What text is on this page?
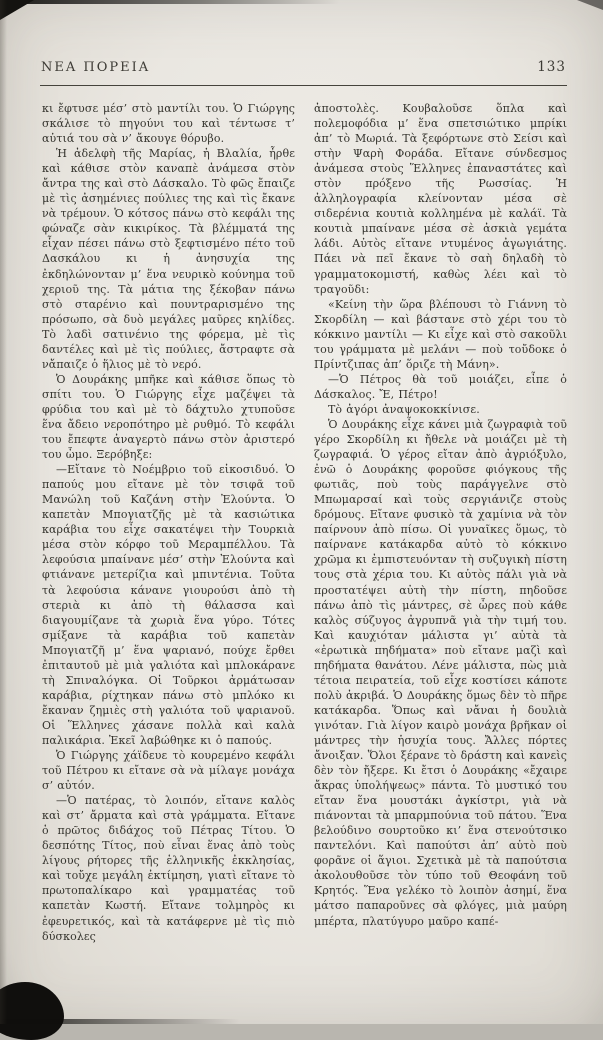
ΝΕΑ ΠΟΡΕΙΑ	133

κι ἔφτυσε μέσ’ στὸ μαντίλι του. Ὁ Γιώργης σκάλισε τὸ πηγούνι του καὶ τέντωσε τ’ αὐτιά του σὰ ν’ ἄκουγε θόρυβο.

Ἡ ἀδελφὴ τῆς Μαρίας, ἡ Βλαλία, ἦρθε καὶ κάθισε στὸν καναπὲ ἀνάμεσα στὸν ἄντρα της καὶ στὸ Δάσκαλο. Τὸ φῶς ἔπαιζε μὲ τὶς ἀσημένιες πούλιες της καὶ τὶς ἔκανε νὰ τρέμουν. Ὁ κότσος πάνω στὸ κεφάλι της φώναζε σὰν κικιρίκος. Τὰ βλέμματά της εἶχαν πέσει πάνω στὸ ξεφτισμένο πέτο τοῦ Δασκάλου κι ἡ ἀνησυχία της ἐκδηλώνονταν μ’ ἕνα νευρικὸ κούνημα τοῦ χεριοῦ της. Τὰ μάτια της ξέκοβαν πάνω στὸ σταρένιο καὶ πουντραρισμένο της πρόσωπο, σὰ δυὸ μεγάλες μαῦρες κηλίδες. Τὸ λαδὶ σατινένιο της φόρεμα, μὲ τὶς δαντέλες καὶ μὲ τὶς πούλιες, ἄστραφτε σὰ νἄπαιζε ὁ ἥλιος μὲ τὸ νερό.

Ὁ Δουράκης μπῆκε καὶ κάθισε ὅπως τὸ σπίτι του. Ὁ Γιώργης εἶχε μαζέψει τὰ φρύδια του καὶ μὲ τὸ δάχτυλο χτυποῦσε ἕνα ἄδειο νεροπότηρο μὲ ρυθμό. Τὸ κεφάλι του ἔπεφτε ἀναγερτὸ πάνω στὸν ἀριστερό του ὦμο. Ξερόβηξε:

—Εἴτανε τὸ Νοέμβριο τοῦ εἰκοσιδυό. Ὁ παπούς μου εἴτανε μὲ τὸν τσιφᾶ τοῦ Μανώλη τοῦ Καζάνη στὴν Ἐλούντα. Ὁ καπετὰν Μπογιατζῆς μὲ τὰ κασιώτικα καράβια του εἶχε σακατέψει τὴν Τουρκιὰ μέσα στὸν κόρφο τοῦ Μεραμπέλλου. Τὰ λεφούσια μπαίνανε μέσ’ στὴν Ἐλούντα καὶ φτιάνανε μετερίζια καὶ μπιντένια. Τοῦτα τὰ λεφούσια κάνανε γιουρούσι ἀπὸ τὴ στεριὰ κι ἀπὸ τὴ θάλασσα καὶ διαγουμίζανε τὰ χωριὰ ἕνα γύρο. Τότες σμίξανε τὰ καράβια τοῦ καπετὰν Μπογιατζῆ μ’ ἕνα ψαριανό, πούχε ἔρθει ἐπιταυτοῦ μὲ μιὰ γαλιότα καὶ μπλοκάρανε τὴ Σπιναλόγκα. Οἱ Τοῦρκοι ἀρμάτωσαν καράβια, ρίχτηκαν πάνω στὸ μπλόκο κι ἔκαναν ζημιὲς στὴ γαλιότα τοῦ ψαριανοῦ. Οἱ Ἕλληνες χάσανε πολλὰ καὶ καλὰ παλικάρια. Ἐκεῖ λαβώθηκε κι ὁ παπούς.

Ὁ Γιώργης χάϊδευε τὸ κουρεμένο κεφάλι τοῦ Πέτρου κι εἴτανε σὰ νὰ μίλαγε μονάχα σ’ αὐτόν.

—Ὁ πατέρας, τὸ λοιπόν, εἴτανε καλὸς καὶ στ’ ἄρματα καὶ στὰ γράμματα. Εἴτανε ὁ πρῶτος διδάχος τοῦ Πέτρας Τίτου. Ὁ δεσπότης Τίτος, ποὺ εἶναι ἕνας ἀπὸ τοὺς λίγους ρήτορες τῆς ἑλληνικῆς ἐκκλησίας, καὶ τοὔχε μεγάλη ἐκτίμηση, γιατὶ εἴτανε τὸ πρωτοπαλίκαρο καὶ γραμματέας τοῦ καπετὰν Κωστή. Εἴτανε τολμηρὸς κι ἐφευρετικός, καὶ τὰ κατάφερνε μὲ τὶς πιὸ δύσκολες

ἀποστολὲς. Κουβαλοῦσε ὅπλα καὶ πολεμοφόδια μ’ ἕνα σπετσιώτικο μπρίκι ἀπ’ τὸ Μωριά. Τὰ ξεφόρτωνε στὸ Σείσι καὶ στὴν Ψαρὴ Φοράδα. Εἴτανε σύνδεσμος ἀνάμεσα στοὺς Ἕλληνες ἐπαναστάτες καὶ στὸν πρόξενο τῆς Ρωσσίας. Ἡ ἀλληλογραφία κλείνονταν μέσα σὲ σιδερένια κουτιὰ κολλημένα μὲ καλάϊ. Τὰ κουτιὰ μπαίνανε μέσα σὲ ἀσκιὰ γεμάτα λάδι. Αὐτὸς εἴτανε ντυμένος ἀγωγιάτης. Πάει νὰ πεῖ ἔκανε τὸ σαὴ δηλαδὴ τὸ γραμματοκομιστή, καθὼς λέει καὶ τὸ τραγοῦδι:

«Κείνη τὴν ὥρα βλέπουσι τὸ Γιάννη τὸ Σκορδίλη — καὶ βάστανε στὸ χέρι του τὸ κόκκινο μαντίλι — Κι εἶχε καὶ στὸ σακοῦλι του γράμματα μὲ μελάνι — ποὺ τοὔδοκε ὁ Πρίντζιπας ἀπ’ ὅριζε τὴ Μάνη».

—Ὁ Πέτρος θὰ τοῦ μοιάζει, εἶπε ὁ Δάσκαλος. Ἔ, Πέτρο!

Τὸ ἀγόρι ἀναψοκοκκίνισε.

Ὁ Δουράκης εἶχε κάνει μιὰ ζωγραφιὰ τοῦ γέρο Σκορδίλη κι ἤθελε νὰ μοιάζει μὲ τὴ ζωγραφιά. Ὁ γέρος εἴταν ἀπὸ ἀγριόξυλο, ἐνῶ ὁ Δουράκης φοροῦσε φιόγκους τῆς φωτιᾶς, ποὺ τοὺς παράγγελνε στὸ Μπωμαρσαί καὶ τοὺς σεργιάνιζε στοὺς δρόμους. Εἴτανε φυσικὸ τὰ χαμίνια νὰ τὸν παίρνουν ἀπὸ πίσω. Οἱ γυναῖκες ὅμως, τὸ παίρνανε κατάκαρδα αὐτὸ τὸ κόκκινο χρῶμα κι ἐμπιστευόνταν τὴ συζυγικὴ πίστη τους στὰ χέρια του. Κι αὐτὸς πάλι γιὰ νὰ προστατέψει αὐτὴ τὴν πίστη, πηδοῦσε πάνω ἀπὸ τὶς μάντρες, σὲ ὧρες ποὺ κάθε καλὸς σύζυγος ἀγρυπνᾶ γιὰ τὴν τιμή του. Καὶ καυχιόταν μάλιστα γι’ αὐτὰ τὰ «ἐρωτικὰ πηδήματα» ποὺ εἴτανε μαζὶ καὶ πηδήματα θανάτου. Λένε μάλιστα, πὼς μιὰ τέτοια πειρατεία, τοῦ εἶχε κοστίσει κάποτε πολὺ ἀκριβά. Ὁ Δουράκης ὅμως δὲν τὸ πῆρε κατάκαρδα. Ὅπως καὶ νἄναι ἡ δουλιὰ γινόταν. Γιὰ λίγον καιρὸ μονάχα βρῆκαν οἱ μάντρες τὴν ἡσυχία τους. Ἄλλες πόρτες ἄνοιξαν. Ὅλοι ξέρανε τὸ δράστη καὶ κανεὶς δὲν τὸν ἤξερε. Κι ἔτσι ὁ Δουράκης «ἔχαιρε ἄκρας ὑπολήψεως» πάντα. Τὸ μυστικό του εἴταν ἕνα μουστάκι ἀγκίστρι, γιὰ νὰ πιάνονται τὰ μπαρμπούνια τοῦ πάτου. Ἕνα βελούδινο σουρτοῦκο κι’ ἕνα στενούτσικο παντελόνι. Καὶ παπούτσι ἀπ’ αὐτὸ ποὺ φορᾶνε οἱ ἅγιοι. Σχετικὰ μὲ τὰ παπούτσια ἀκολουθοῦσε τὸν τύπο τοῦ Θεοφάνη τοῦ Κρητός. Ἕνα γελέκο τὸ λοιπὸν ἀσημί, ἕνα μάτσο παπαροῦνες σὰ φλόγες, μιὰ μαύρη μπέρτα, πλατύγυρο μαῦρο καπέ-
